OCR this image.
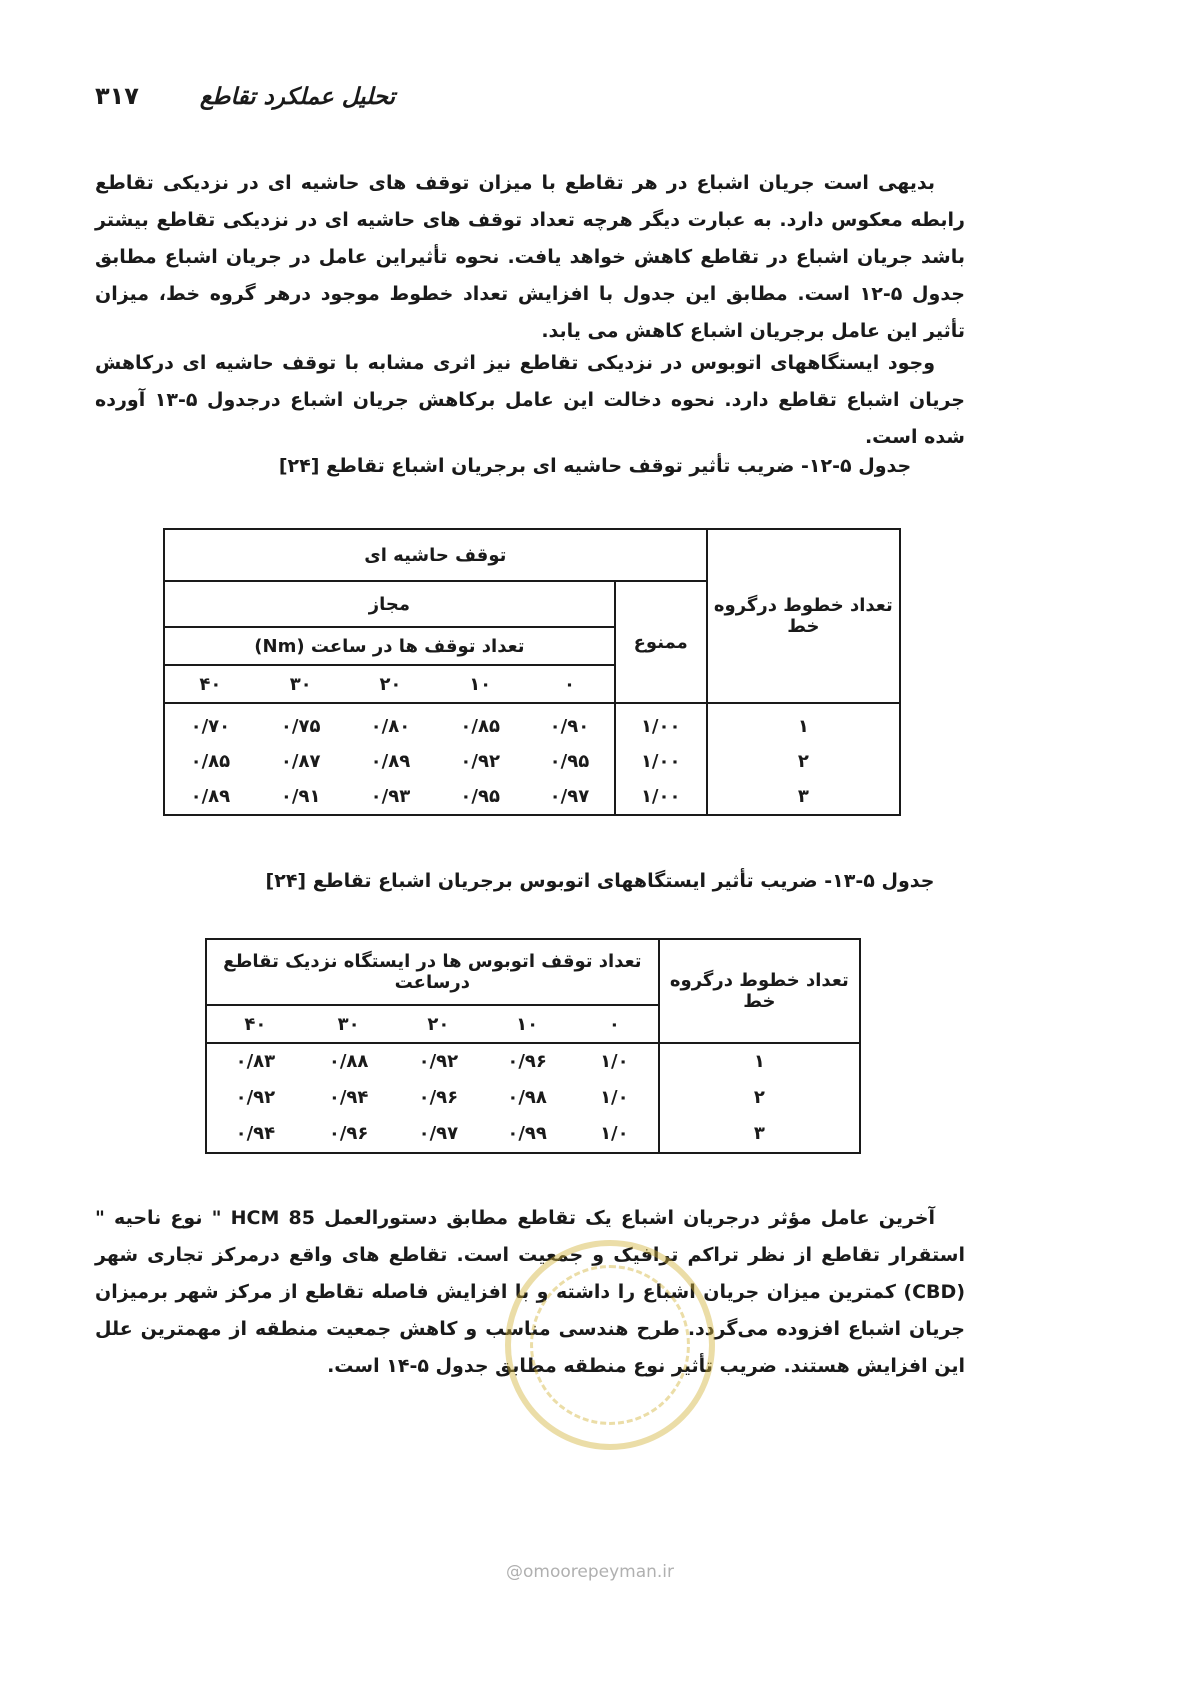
تحلیل عملکرد تقاطع
۳۱۷

بدیهی است جریان اشباع در هر تقاطع با میزان توقف های حاشیه ای در نزدیکی تقاطع رابطه معکوس دارد. به عبارت دیگر هرچه تعداد توقف های حاشیه ای در نزدیکی تقاطع بیشتر باشد جریان اشباع در تقاطع کاهش خواهد یافت. نحوه تأثیراین عامل در جریان اشباع مطابق جدول ۵-۱۲ است. مطابق این جدول با افزایش تعداد خطوط موجود درهر گروه خط، میزان تأثیر این عامل برجریان اشباع کاهش می یابد.

وجود ایستگاههای اتوبوس در نزدیکی تقاطع نیز اثری مشابه با توقف حاشیه ای درکاهش جریان اشباع تقاطع دارد. نحوه دخالت این عامل برکاهش جریان اشباع درجدول ۵-۱۳ آورده شده است.

جدول ۵-۱۲- ضریب تأثیر توقف حاشیه ای برجریان اشباع تقاطع [۲۴]
تعداد خطوط درگروه خط	توقف حاشیه ای					
	ممنوع	مجاز				
		تعداد توقف ها در ساعت (Nm)				
		۰	۱۰	۲۰	۳۰	۴۰

۱	۱/۰۰	۰/۹۰	۰/۸۵	۰/۸۰	۰/۷۵	۰/۷۰
۲	۱/۰۰	۰/۹۵	۰/۹۲	۰/۸۹	۰/۸۷	۰/۸۵
۳	۱/۰۰	۰/۹۷	۰/۹۵	۰/۹۳	۰/۹۱	۰/۸۹
جدول ۵-۱۳- ضریب تأثیر ایستگاههای اتوبوس برجریان اشباع تقاطع [۲۴]
تعداد خطوط درگروه خط	تعداد توقف اتوبوس ها در ایستگاه نزدیک تقاطع درساعت				
	۰	۱۰	۲۰	۳۰	۴۰
۱	۱/۰	۰/۹۶	۰/۹۲	۰/۸۸	۰/۸۳
۲	۱/۰	۰/۹۸	۰/۹۶	۰/۹۴	۰/۹۲
۳	۱/۰	۰/۹۹	۰/۹۷	۰/۹۶	۰/۹۴

آخرین عامل مؤثر درجریان اشباع یک تقاطع مطابق دستورالعمل HCM 85 " نوع ناحیه " استقرار تقاطع از نظر تراکم ترافیک و جمعیت است. تقاطع های واقع درمرکز تجاری شهر (CBD) کمترین میزان جریان اشباع را داشته و با افزایش فاصله تقاطع از مرکز شهر برمیزان جریان اشباع افزوده می‌گردد. طرح هندسی مناسب و کاهش جمعیت منطقه از مهمترین علل این افزایش هستند. ضریب تأثیر نوع منطقه مطابق جدول ۵-۱۴ است.

@omoorepeyman.ir
